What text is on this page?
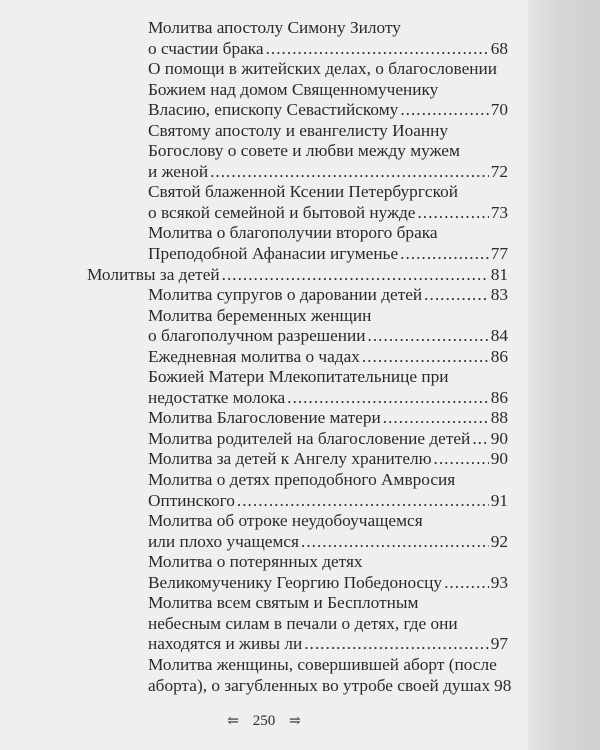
Молитва апостолу Симону Зилоту
о счастии брака .....	68
О помощи в житейских делах, о благословении
Божием над домом Священномученику
Власию, епископу Севастийскому .....	70
Святому апостолу и евангелисту Иоанну
Богослову о совете и любви между мужем
и женой .....	72
Святой блаженной Ксении Петербургской
о всякой семейной и бытовой нужде .....	73
Молитва о благополучии второго брака
Преподобной Афанасии игуменье .....	77
Молитвы за детей .....	81
Молитва супругов о даровании детей .....	83
Молитва беременных женщин
о благополучном разрешении .....	84
Ежедневная молитва о чадах .....	86
Божией Матери Млекопитательнице при
недостатке молока .....	86
Молитва Благословение матери .....	88
Молитва родителей на благословение детей ..... 90
Молитва за детей к Ангелу хранителю .....	90
Молитва о детях преподобного Амвросия
Оптинского .....	91
Молитва об отроке неудобоучащемся
или плохо учащемся .....	92
Молитва о потерянных детях
Великомученику Георгию Победоносцу .....	93
Молитва всем святым и Бесплотным
небесным силам в печали о детях, где они
находятся и живы ли .....	97
Молитва женщины, совершившей аборт (после
аборта), о загубленных во утробе своей душах 98
⥢ 250 ⥤
